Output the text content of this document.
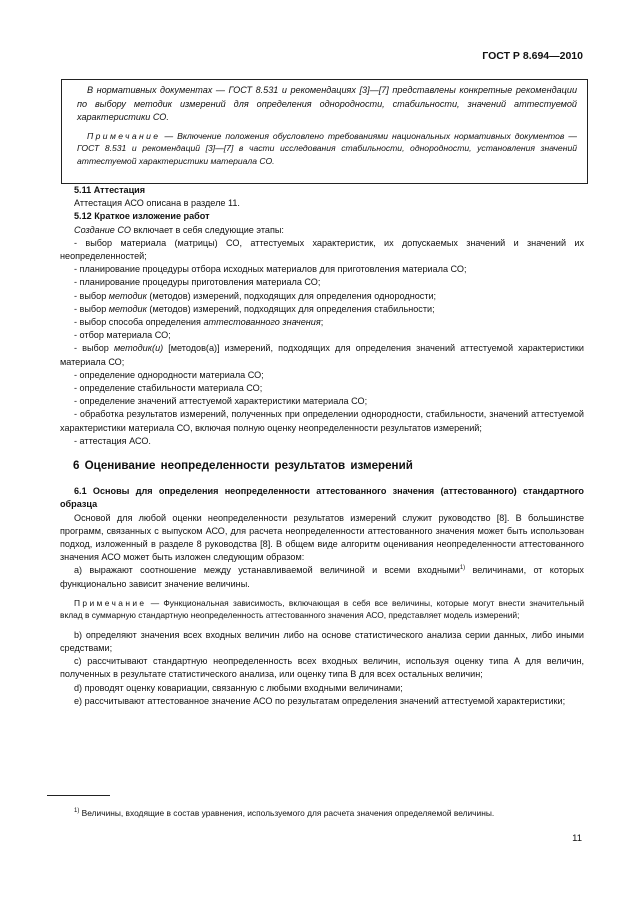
ГОСТ Р 8.694—2010

В нормативных документах — ГОСТ 8.531 и рекомендациях [3]—[7] представлены конкретные рекомендации по выбору методик измерений для определения однородности, стабильности, значений аттестуемой характеристики СО.

Примечание — Включение положения обусловлено требованиями национальных нормативных документов — ГОСТ 8.531 и рекомендаций [3]—[7] в части исследования стабильности, однородности, установления значений аттестуемой характеристики материала СО.

5.11 Аттестация

Аттестация АСО описана в разделе 11.

5.12 Краткое изложение работ

Создание СО включает в себя следующие этапы:

- выбор материала (матрицы) СО, аттестуемых характеристик, их допускаемых значений и значений их неопределенностей;

- планирование процедуры отбора исходных материалов для приготовления материала СО;

- планирование процедуры приготовления материала СО;

- выбор методик (методов) измерений, подходящих для определения однородности;

- выбор методик (методов) измерений, подходящих для определения стабильности;

- выбор способа определения аттестованного значения;

- отбор материала СО;

- выбор методик(и) [методов(а)] измерений, подходящих для определения значений аттестуемой характеристики материала СО;

- определение однородности материала СО;

- определение стабильности материала СО;

- определение значений аттестуемой характеристики материала СО;

- обработка результатов измерений, полученных при определении однородности, стабильности, значений аттестуемой характеристики материала СО, включая полную оценку неопределенности результатов измерений;

- аттестация АСО.

6 Оценивание неопределенности результатов измерений

6.1 Основы для определения неопределенности аттестованного значения (аттестованного) стандартного образца

Основой для любой оценки неопределенности результатов измерений служит руководство [8]. В большинстве программ, связанных с выпуском АСО, для расчета неопределенности аттестованного значения может быть использован подход, изложенный в разделе 8 руководства [8]. В общем виде алгоритм оценивания неопределенности аттестованного значения АСО может быть изложен следующим образом:

а) выражают соотношение между устанавливаемой величиной и всеми входными$^{1)}$ величинами, от которых функционально зависит значение величины.

Примечание — Функциональная зависимость, включающая в себя все величины, которые могут внести значительный вклад в суммарную стандартную неопределенность аттестованного значения АСО, представляет модель измерений;

b) определяют значения всех входных величин либо на основе статистического анализа серии данных, либо иными средствами;

c) рассчитывают стандартную неопределенность всех входных величин, используя оценку типа А для величин, полученных в результате статистического анализа, или оценку типа В для всех остальных величин;

d) проводят оценку ковариации, связанную с любыми входными величинами;

e) рассчитывают аттестованное значение АСО по результатам определения значений аттестуемой характеристики;

$^{1)}$ Величины, входящие в состав уравнения, используемого для расчета значения определяемой величины.
11
